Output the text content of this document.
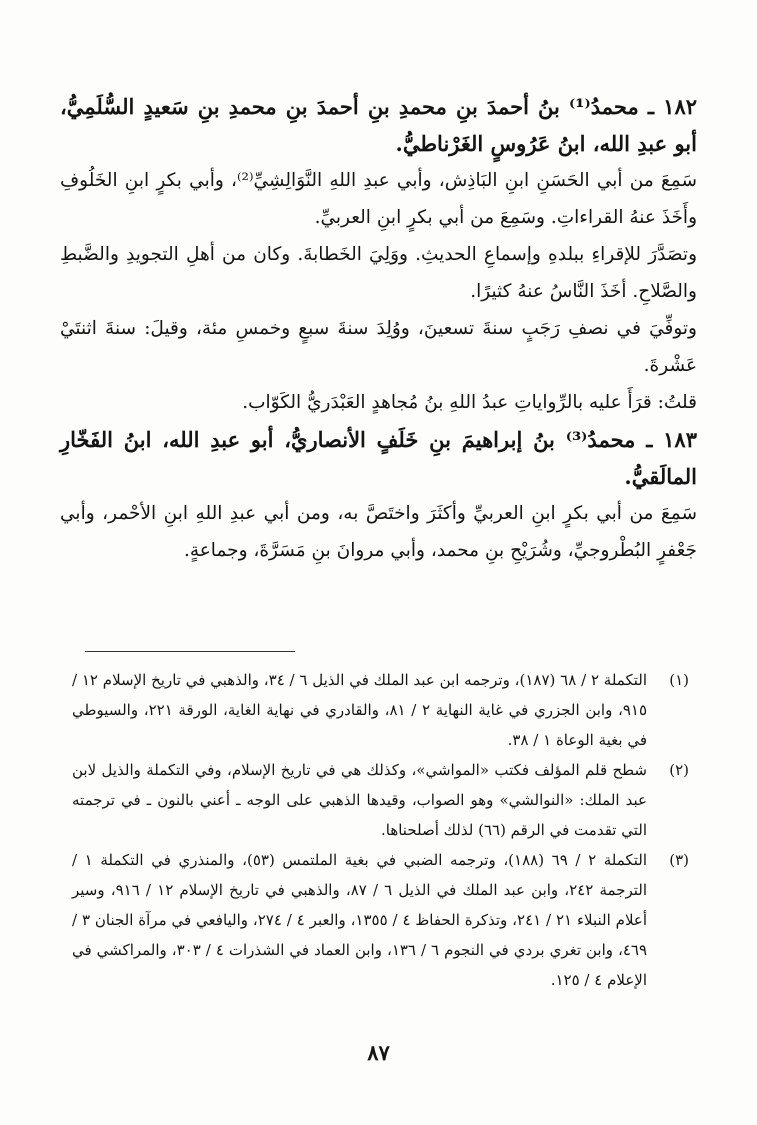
١٨٢ ـ محمدُ⁽¹⁾ بنُ أحمدَ بنِ محمدِ بنِ أحمدَ بنِ محمدِ بنِ سَعيدٍ السُّلَمِيُّ، أبو عبدِ الله، ابنُ عَرُوسٍ الغَرْناطيُّ.

سَمِعَ من أبي الحَسَنِ ابنِ البَاذِش، وأبي عبدِ اللهِ النَّوَالِشِيِّ⁽²⁾، وأبي بكرٍ ابنِ الخَلُوفِ وأَخَذَ عنهُ القراءاتِ. وسَمِعَ من أبي بكرٍ ابنِ العربيِّ.

وتصَدَّرَ للإقراءِ ببلدهِ وإسماعِ الحديثِ. ووَلِيَ الخَطابةَ. وكان من أهلِ التجويدِ والضَّبطِ والصَّلاحِ. أخَذَ النَّاسُ عنهُ كثيرًا.

وتوفِّيَ في نصفِ رَجَبٍ سنةَ تسعينَ، ووُلِدَ سنةَ سبعٍ وخمسِ مئة، وقيلَ: سنةَ اثنتَيْ عَشْرةَ.

قلتُ: قرَأَ عليه بالرِّواياتِ عبدُ اللهِ بنُ مُجاهدٍ العَبْدَريُّ الكَوّاب.

١٨٣ ـ محمدُ⁽³⁾ بنُ إبراهيمَ بنِ خَلَفٍ الأنصاريُّ، أبو عبدِ الله، ابنُ الفَخّارِ المالَقيُّ.

سَمِعَ من أبي بكرٍ ابنِ العربيِّ وأكثَرَ واختَصَّ به، ومن أبي عبدِ اللهِ ابنِ الأحْمر، وأبي جَعْفرٍ البُطْروجيِّ، وشُرَيْحِ بنِ محمد، وأبي مروانَ بنِ مَسَرَّةَ، وجماعةٍ.

(١)
التكملة ٢ / ٦٨ (١٨٧)، وترجمه ابن عبد الملك في الذيل ٦ / ٣٤، والذهبي في تاريخ الإسلام ١٢ / ٩١٥، وابن الجزري في غاية النهاية ٢ / ٨١، والقادري في نهاية الغاية، الورقة ٢٢١، والسيوطي في بغية الوعاة ١ / ٣٨.
(٢)
شطح قلم المؤلف فكتب «المواشي»، وكذلك هي في تاريخ الإسلام، وفي التكملة والذيل لابن عبد الملك: «النوالشي» وهو الصواب، وقيدها الذهبي على الوجه ـ أعني بالنون ـ في ترجمته التي تقدمت في الرقم (٦٦) لذلك أصلحناها.
(٣)
التكملة ٢ / ٦٩ (١٨٨)، وترجمه الضبي في بغية الملتمس (٥٣)، والمنذري في التكملة ١ / الترجمة ٢٤٢، وابن عبد الملك في الذيل ٦ / ٨٧، والذهبي في تاريخ الإسلام ١٢ / ٩١٦، وسير أعلام النبلاء ٢١ / ٢٤١، وتذكرة الحفاظ ٤ / ١٣٥٥، والعبر ٤ / ٢٧٤، واليافعي في مرآة الجنان ٣ / ٤٦٩، وابن تغري بردي في النجوم ٦ / ١٣٦، وابن العماد في الشذرات ٤ / ٣٠٣، والمراكشي في الإعلام ٤ / ١٢٥.
٨٧
